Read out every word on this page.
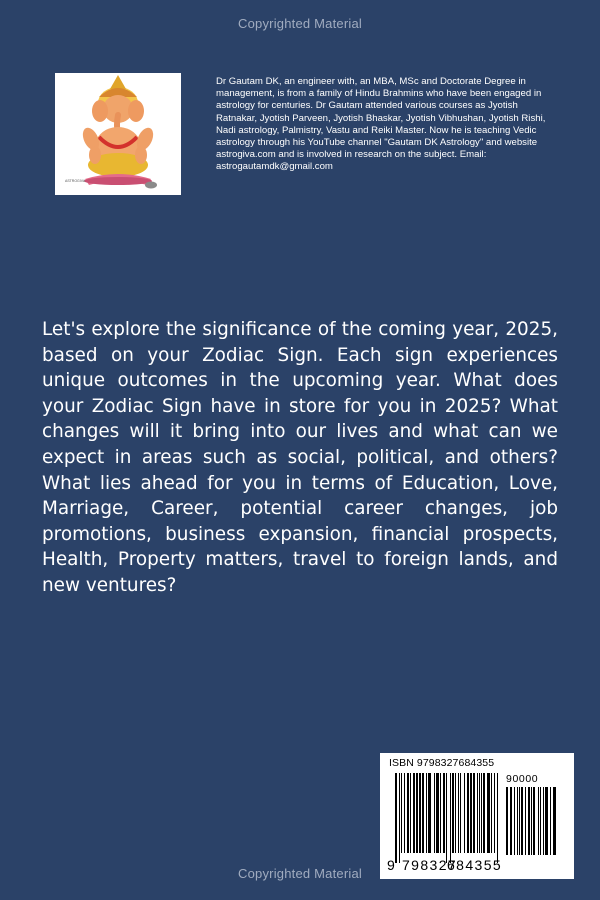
Copyrighted Material
ASTROGIVA

Dr Gautam DK, an engineer with, an MBA, MSc and Doctorate Degree in management, is from a family of Hindu Brahmins who have been engaged in astrology for centuries. Dr Gautam attended various courses as Jyotish Ratnakar, Jyotish Parveen, Jyotish Bhaskar, Jyotish Vibhushan, Jyotish Rishi, Nadi astrology, Palmistry, Vastu and Reiki Master. Now he is teaching Vedic astrology through his YouTube channel "Gautam DK Astrology" and website astrogiva.com and is involved in research on the subject. Email: astrogautamdk@gmail.com

Let's explore the significance of the coming year, 2025, based on your Zodiac Sign. Each sign experiences unique outcomes in the upcoming year. What does your Zodiac Sign have in store for you in 2025? What changes will it bring into our lives and what can we expect in areas such as social, political, and others? What lies ahead for you in terms of Education, Love, Marriage, Career, potential career changes, job promotions, business expansion, financial prospects, Health, Property matters, travel to foreign lands, and new ventures?

ISBN 9798327684355
90000
9 798327
684355
Copyrighted Material
